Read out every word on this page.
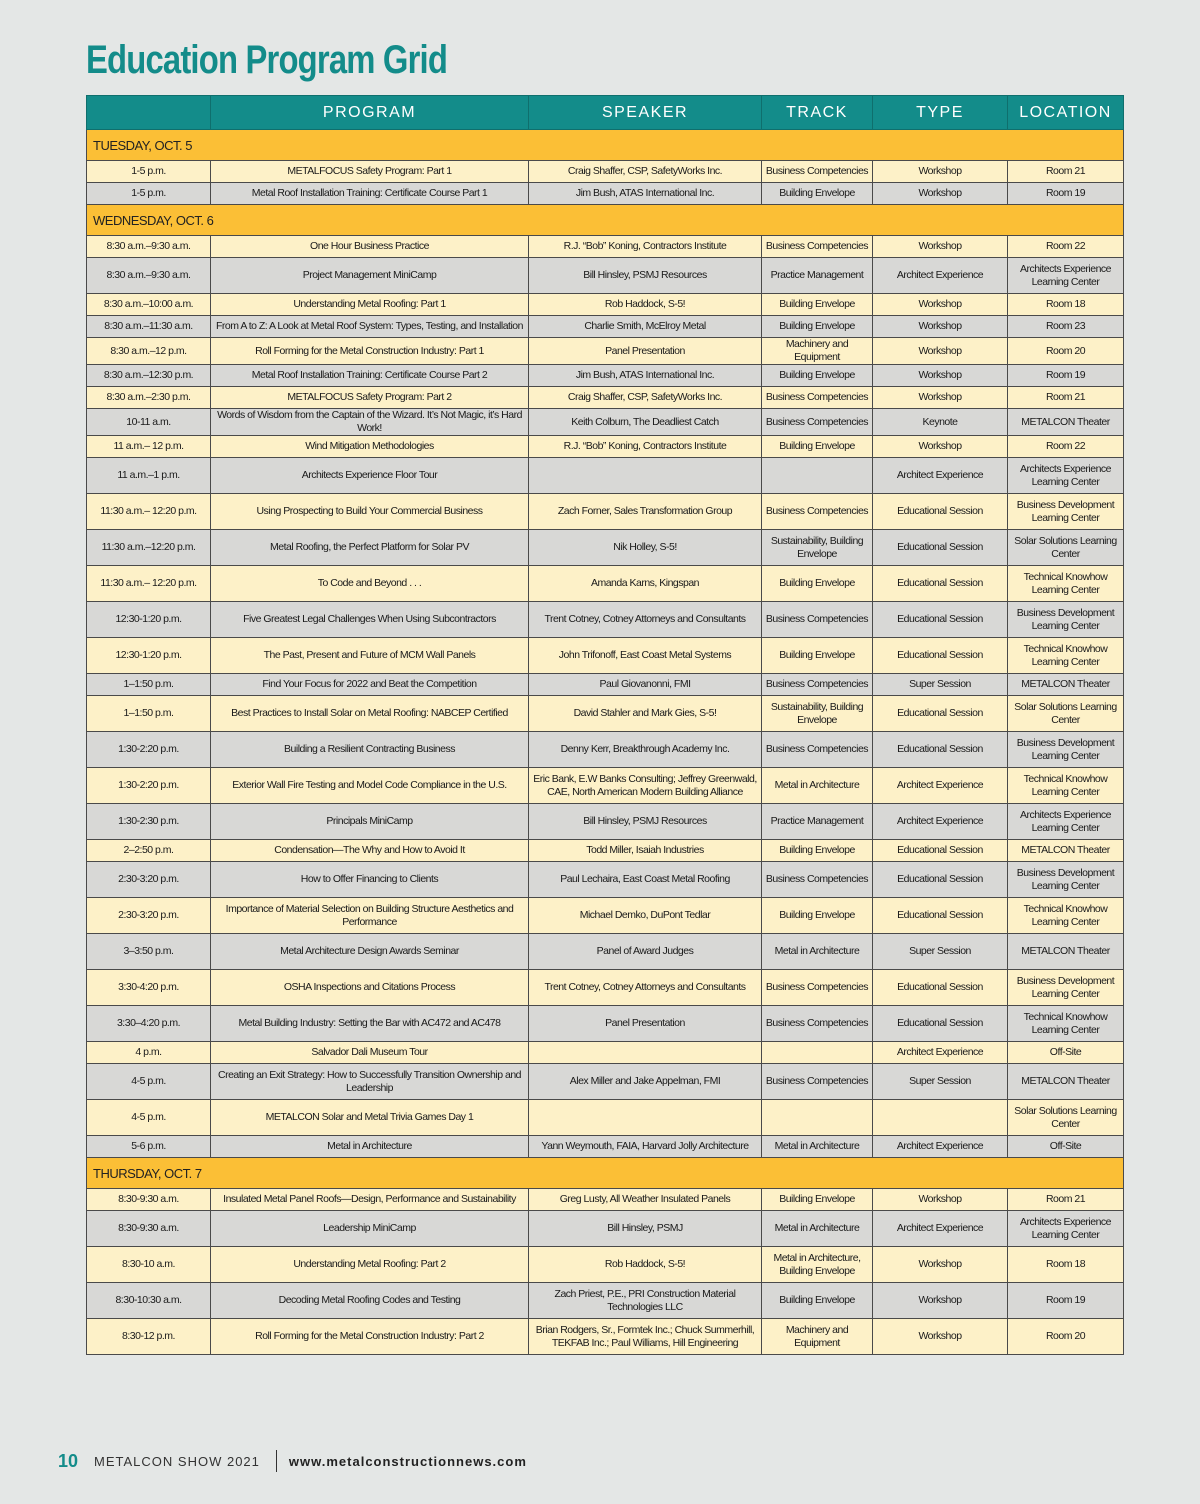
Education Program Grid
	PROGRAM	SPEAKER	TRACK	TYPE	LOCATION
TUESDAY, OCT. 5					
1-5 p.m.	METALFOCUS Safety Program: Part 1	Craig Shaffer, CSP, SafetyWorks Inc.	Business Competencies	Workshop	Room 21
1-5 p.m.	Metal Roof Installation Training: Certificate Course Part 1	Jim Bush, ATAS International Inc.	Building Envelope	Workshop	Room 19
WEDNESDAY, OCT. 6					
8:30 a.m.–9:30 a.m.	One Hour Business Practice	R.J. “Bob” Koning, Contractors Institute	Business Competencies	Workshop	Room 22
8:30 a.m.–9:30 a.m.	Project Management MiniCamp	Bill Hinsley, PSMJ Resources	Practice Management	Architect Experience	Architects Experience Learning Center
8:30 a.m.–10:00 a.m.	Understanding Metal Roofing: Part 1	Rob Haddock, S-5!	Building Envelope	Workshop	Room 18
8:30 a.m.–11:30 a.m.	From A to Z: A Look at Metal Roof System: Types, Testing, and Installation	Charlie Smith, McElroy Metal	Building Envelope	Workshop	Room 23
8:30 a.m.–12 p.m.	Roll Forming for the Metal Construction Industry: Part 1	Panel Presentation	Machinery and Equipment	Workshop	Room 20
8:30 a.m.–12:30 p.m.	Metal Roof Installation Training: Certificate Course Part 2	Jim Bush, ATAS International Inc.	Building Envelope	Workshop	Room 19
8:30 a.m.–2:30 p.m.	METALFOCUS Safety Program: Part 2	Craig Shaffer, CSP, SafetyWorks Inc.	Business Competencies	Workshop	Room 21
10-11 a.m.	Words of Wisdom from the Captain of the Wizard. It’s Not Magic, it’s Hard Work!	Keith Colburn, The Deadliest Catch	Business Competencies	Keynote	METALCON Theater
11 a.m.– 12 p.m.	Wind Mitigation Methodologies	R.J. “Bob” Koning, Contractors Institute	Building Envelope	Workshop	Room 22
11 a.m.–1 p.m.	Architects Experience Floor Tour			Architect Experience	Architects Experience Learning Center
11:30 a.m.– 12:20 p.m.	Using Prospecting to Build Your Commercial Business	Zach Forner, Sales Transformation Group	Business Competencies	Educational Session	Business Development Learning Center
11:30 a.m.–12:20 p.m.	Metal Roofing, the Perfect Platform for Solar PV	Nik Holley, S-5!	Sustainability, Building Envelope	Educational Session	Solar Solutions Learning Center
11:30 a.m.– 12:20 p.m.	To Code and Beyond . . .	Amanda Karns, Kingspan	Building Envelope	Educational Session	Technical Knowhow Learning Center
12:30-1:20 p.m.	Five Greatest Legal Challenges When Using Subcontractors	Trent Cotney, Cotney Attorneys and Consultants	Business Competencies	Educational Session	Business Development Learning Center
12:30-1:20 p.m.	The Past, Present and Future of MCM Wall Panels	John Trifonoff, East Coast Metal Systems	Building Envelope	Educational Session	Technical Knowhow Learning Center
1–1:50 p.m.	Find Your Focus for 2022 and Beat the Competition	Paul Giovanonni, FMI	Business Competencies	Super Session	METALCON Theater
1–1:50 p.m.	Best Practices to Install Solar on Metal Roofing: NABCEP Certified	David Stahler and Mark Gies, S-5!	Sustainability, Building Envelope	Educational Session	Solar Solutions Learning Center
1:30-2:20 p.m.	Building a Resilient Contracting Business	Denny Kerr, Breakthrough Academy Inc.	Business Competencies	Educational Session	Business Development Learning Center
1:30-2:20 p.m.	Exterior Wall Fire Testing and Model Code Compliance in the U.S.	Eric Bank, E.W Banks Consulting; Jeffrey Greenwald, CAE, North American Modern Building Alliance	Metal in Architecture	Architect Experience	Technical Knowhow Learning Center
1:30-2:30 p.m.	Principals MiniCamp	Bill Hinsley, PSMJ Resources	Practice Management	Architect Experience	Architects Experience Learning Center
2–2:50 p.m.	Condensation—The Why and How to Avoid It	Todd Miller, Isaiah Industries	Building Envelope	Educational Session	METALCON Theater
2:30-3:20 p.m.	How to Offer Financing to Clients	Paul Lechaira, East Coast Metal Roofing	Business Competencies	Educational Session	Business Development Learning Center
2:30-3:20 p.m.	Importance of Material Selection on Building Structure Aesthetics and Performance	Michael Demko, DuPont Tedlar	Building Envelope	Educational Session	Technical Knowhow Learning Center
3–3:50 p.m.	Metal Architecture Design Awards Seminar	Panel of Award Judges	Metal in Architecture	Super Session	METALCON Theater
3:30-4:20 p.m.	OSHA Inspections and Citations Process	Trent Cotney, Cotney Attorneys and Consultants	Business Competencies	Educational Session	Business Development Learning Center
3:30–4:20 p.m.	Metal Building Industry: Setting the Bar with AC472 and AC478	Panel Presentation	Business Competencies	Educational Session	Technical Knowhow Learning Center
4 p.m.	Salvador Dali Museum Tour			Architect Experience	Off-Site
4-5 p.m.	Creating an Exit Strategy: How to Successfully Transition Ownership and Leadership	Alex Miller and Jake Appelman, FMI	Business Competencies	Super Session	METALCON Theater
4-5 p.m.	METALCON Solar and Metal Trivia Games Day 1				Solar Solutions Learning Center
5-6 p.m.	Metal in Architecture	Yann Weymouth, FAIA, Harvard Jolly Architecture	Metal in Architecture	Architect Experience	Off-Site
THURSDAY, OCT. 7					
8:30-9:30 a.m.	Insulated Metal Panel Roofs—Design, Performance and Sustainability	Greg Lusty, All Weather Insulated Panels	Building Envelope	Workshop	Room 21
8:30-9:30 a.m.	Leadership MiniCamp	Bill Hinsley, PSMJ	Metal in Architecture	Architect Experience	Architects Experience Learning Center
8:30-10 a.m.	Understanding Metal Roofing: Part 2	Rob Haddock, S-5!	Metal in Architecture, Building Envelope	Workshop	Room 18
8:30-10:30 a.m.	Decoding Metal Roofing Codes and Testing	Zach Priest, P.E., PRI Construction Material Technologies LLC	Building Envelope	Workshop	Room 19
8:30-12 p.m.	Roll Forming for the Metal Construction Industry: Part 2	Brian Rodgers, Sr., Formtek Inc.; Chuck Summerhill, TEKFAB Inc.; Paul Williams, Hill Engineering	Machinery and Equipment	Workshop	Room 20
10 METALCON SHOW 2021 www.metalconstructionnews.com
